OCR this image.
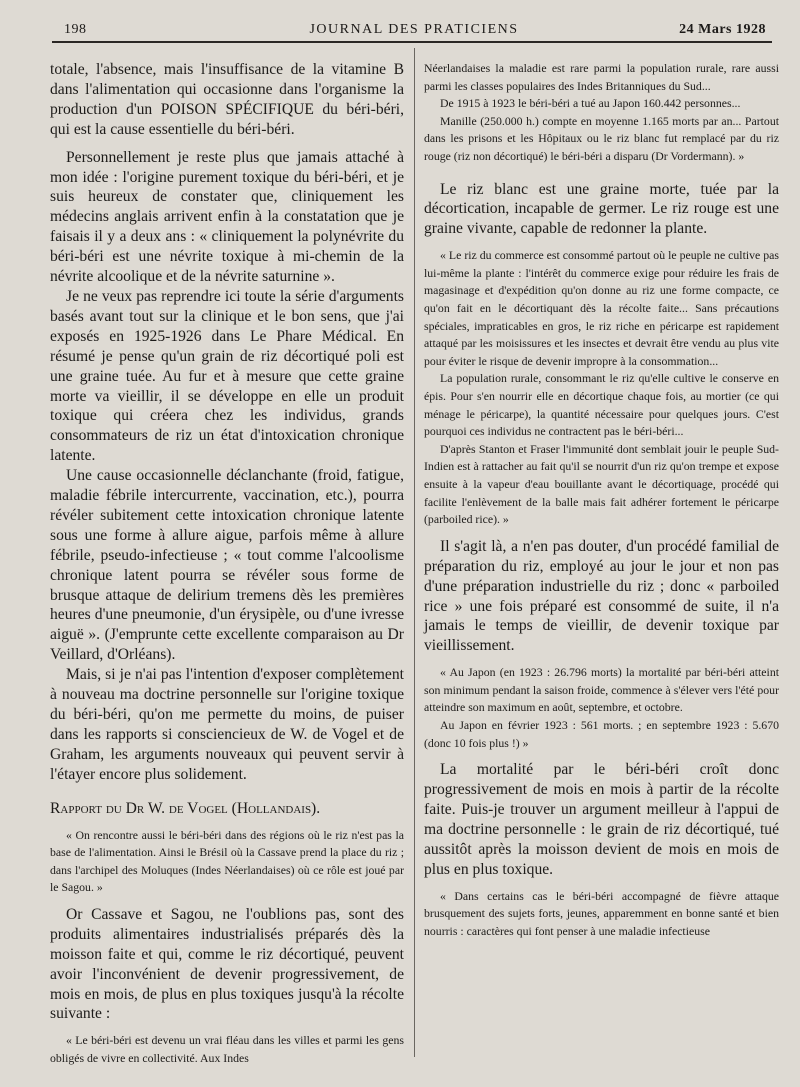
198	JOURNAL DES PRATICIENS	24 Mars 1928

totale, l'absence, mais l'insuffisance de la vitamine B dans l'alimentation qui occasionne dans l'organisme la production d'un POISON SPÉCIFIQUE du béri-béri, qui est la cause essentielle du béri-béri.

Personnellement je reste plus que jamais attaché à mon idée : l'origine purement toxique du béri-béri, et je suis heureux de constater que, cliniquement les médecins anglais arrivent enfin à la constatation que je faisais il y a deux ans : « cliniquement la polynévrite du béri-béri est une névrite toxique à mi-chemin de la névrite alcoolique et de la névrite saturnine ».

Je ne veux pas reprendre ici toute la série d'arguments basés avant tout sur la clinique et le bon sens, que j'ai exposés en 1925-1926 dans Le Phare Médical. En résumé je pense qu'un grain de riz décortiqué poli est une graine tuée. Au fur et à mesure que cette graine morte va vieillir, il se développe en elle un produit toxique qui créera chez les individus, grands consommateurs de riz un état d'intoxication chronique latente.

Une cause occasionnelle déclanchante (froid, fatigue, maladie fébrile intercurrente, vaccination, etc.), pourra révéler subitement cette intoxication chronique latente sous une forme à allure aigue, parfois même à allure fébrile, pseudo-infectieuse ; « tout comme l'alcoolisme chronique latent pourra se révéler sous forme de brusque attaque de delirium tremens dès les premières heures d'une pneumonie, d'un érysipèle, ou d'une ivresse aiguë ». (J'emprunte cette excellente comparaison au Dr Veillard, d'Orléans).

Mais, si je n'ai pas l'intention d'exposer complètement à nouveau ma doctrine personnelle sur l'origine toxique du béri-béri, qu'on me permette du moins, de puiser dans les rapports si consciencieux de W. de Vogel et de Graham, les arguments nouveaux qui peuvent servir à l'étayer encore plus solidement.

Rapport du Dr W. de Vogel (Hollandais).

« On rencontre aussi le béri-béri dans des régions où le riz n'est pas la base de l'alimentation. Ainsi le Brésil où la Cassave prend la place du riz ; dans l'archipel des Moluques (Indes Néerlandaises) où ce rôle est joué par le Sagou. »

Or Cassave et Sagou, ne l'oublions pas, sont des produits alimentaires industrialisés préparés dès la moisson faite et qui, comme le riz décortiqué, peuvent avoir l'inconvénient de devenir progressivement, de mois en mois, de plus en plus toxiques jusqu'à la récolte suivante :

« Le béri-béri est devenu un vrai fléau dans les villes et parmi les gens obligés de vivre en collectivité. Aux Indes

Néerlandaises la maladie est rare parmi la population rurale, rare aussi parmi les classes populaires des Indes Britanniques du Sud...

De 1915 à 1923 le béri-béri a tué au Japon 160.442 personnes...

Manille (250.000 h.) compte en moyenne 1.165 morts par an... Partout dans les prisons et les Hôpitaux ou le riz blanc fut remplacé par du riz rouge (riz non décortiqué) le béri-béri a disparu (Dr Vordermann). »

Le riz blanc est une graine morte, tuée par la décortication, incapable de germer. Le riz rouge est une graine vivante, capable de redonner la plante.

« Le riz du commerce est consommé partout où le peuple ne cultive pas lui-même la plante : l'intérêt du commerce exige pour réduire les frais de magasinage et d'expédition qu'on donne au riz une forme compacte, ce qu'on fait en le décortiquant dès la récolte faite... Sans précautions spéciales, impraticables en gros, le riz riche en péricarpe est rapidement attaqué par les moisissures et les insectes et devrait être vendu au plus vite pour éviter le risque de devenir impropre à la consommation...

La population rurale, consommant le riz qu'elle cultive le conserve en épis. Pour s'en nourrir elle en décortique chaque fois, au mortier (ce qui ménage le péricarpe), la quantité nécessaire pour quelques jours. C'est pourquoi ces individus ne contractent pas le béri-béri...

D'après Stanton et Fraser l'immunité dont semblait jouir le peuple Sud-Indien est à rattacher au fait qu'il se nourrit d'un riz qu'on trempe et expose ensuite à la vapeur d'eau bouillante avant le décortiquage, procédé qui facilite l'enlèvement de la balle mais fait adhérer fortement le péricarpe (parboiled rice). »

Il s'agit là, a n'en pas douter, d'un procédé familial de préparation du riz, employé au jour le jour et non pas d'une préparation industrielle du riz ; donc « parboiled rice » une fois préparé est consommé de suite, il n'a jamais le temps de vieillir, de devenir toxique par vieillissement.

« Au Japon (en 1923 : 26.796 morts) la mortalité par béri-béri atteint son minimum pendant la saison froide, commence à s'élever vers l'été pour atteindre son maximum en août, septembre, et octobre.

Au Japon en février 1923 : 561 morts. ; en septembre 1923 : 5.670 (donc 10 fois plus !) »

La mortalité par le béri-béri croît donc progressivement de mois en mois à partir de la récolte faite. Puis-je trouver un argument meilleur à l'appui de ma doctrine personnelle : le grain de riz décortiqué, tué aussitôt après la moisson devient de mois en mois de plus en plus toxique.

« Dans certains cas le béri-béri accompagné de fièvre attaque brusquement des sujets forts, jeunes, apparemment en bonne santé et bien nourris : caractères qui font penser à une maladie infectieuse
